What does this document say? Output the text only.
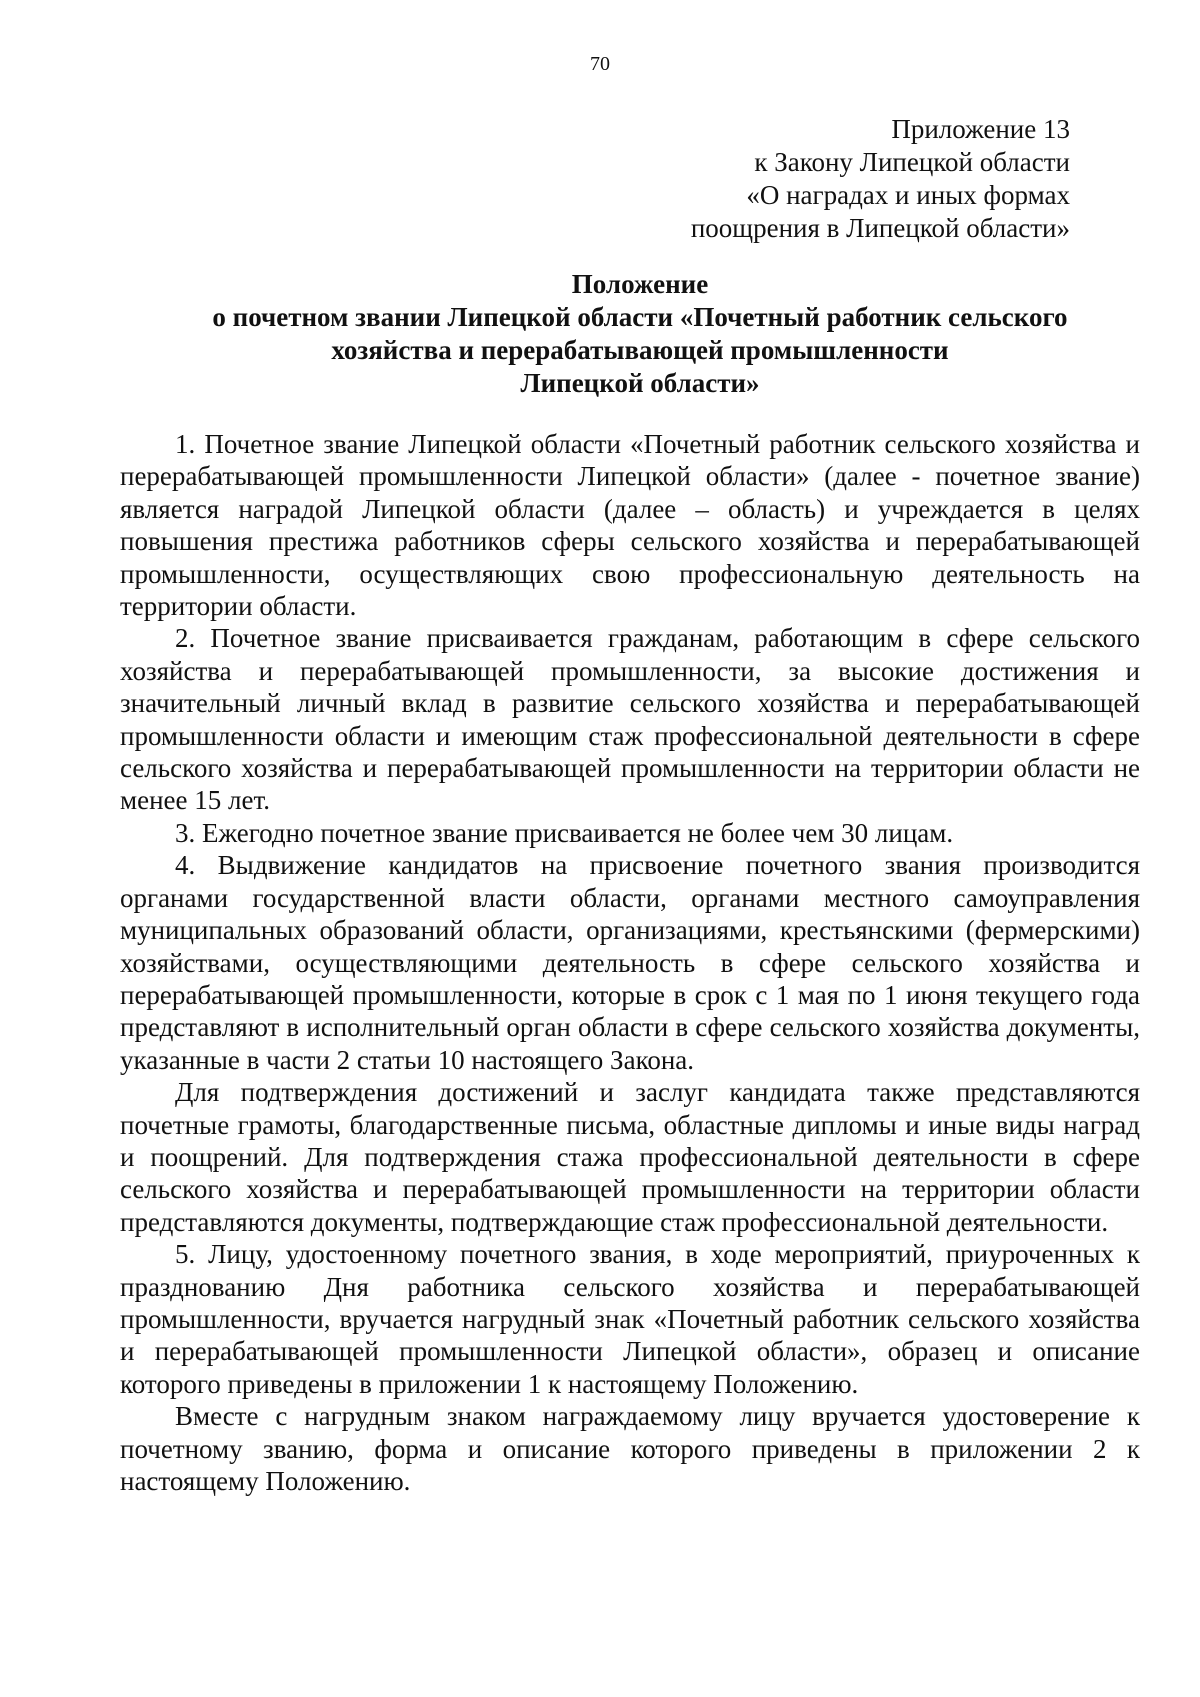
70
Приложение 13
к Закону Липецкой области
«О наградах и иных формах
поощрения в Липецкой области»
Положение
о почетном звании Липецкой области «Почетный работник сельского
хозяйства и перерабатывающей промышленности
Липецкой области»

1. Почетное звание Липецкой области «Почетный работник сельского хозяйства и перерабатывающей промышленности Липецкой области» (далее - почетное звание) является наградой Липецкой области (далее – область) и учреждается в целях повышения престижа работников сферы сельского хозяйства и перерабатывающей промышленности, осуществляющих свою профессиональную деятельность на территории области.

2. Почетное звание присваивается гражданам, работающим в сфере сельского хозяйства и перерабатывающей промышленности, за высокие достижения и значительный личный вклад в развитие сельского хозяйства и перерабатывающей промышленности области и имеющим стаж профессиональной деятельности в сфере сельского хозяйства и перерабатывающей промышленности на территории области не менее 15 лет.

3. Ежегодно почетное звание присваивается не более чем 30 лицам.

4. Выдвижение кандидатов на присвоение почетного звания производится органами государственной власти области, органами местного самоуправления муниципальных образований области, организациями, крестьянскими (фермерскими) хозяйствами, осуществляющими деятельность в сфере сельского хозяйства и перерабатывающей промышленности, которые в срок с 1 мая по 1 июня текущего года представляют в исполнительный орган области в сфере сельского хозяйства документы, указанные в части 2 статьи 10 настоящего Закона.

Для подтверждения достижений и заслуг кандидата также представляются почетные грамоты, благодарственные письма, областные дипломы и иные виды наград и поощрений. Для подтверждения стажа профессиональной деятельности в сфере сельского хозяйства и перерабатывающей промышленности на территории области представляются документы, подтверждающие стаж профессиональной деятельности.

5. Лицу, удостоенному почетного звания, в ходе мероприятий, приуроченных к празднованию Дня работника сельского хозяйства и перерабатывающей промышленности, вручается нагрудный знак «Почетный работник сельского хозяйства и перерабатывающей промышленности Липецкой области», образец и описание которого приведены в приложении 1 к настоящему Положению.

Вместе с нагрудным знаком награждаемому лицу вручается удостоверение к почетному званию, форма и описание которого приведены в приложении 2 к настоящему Положению.
